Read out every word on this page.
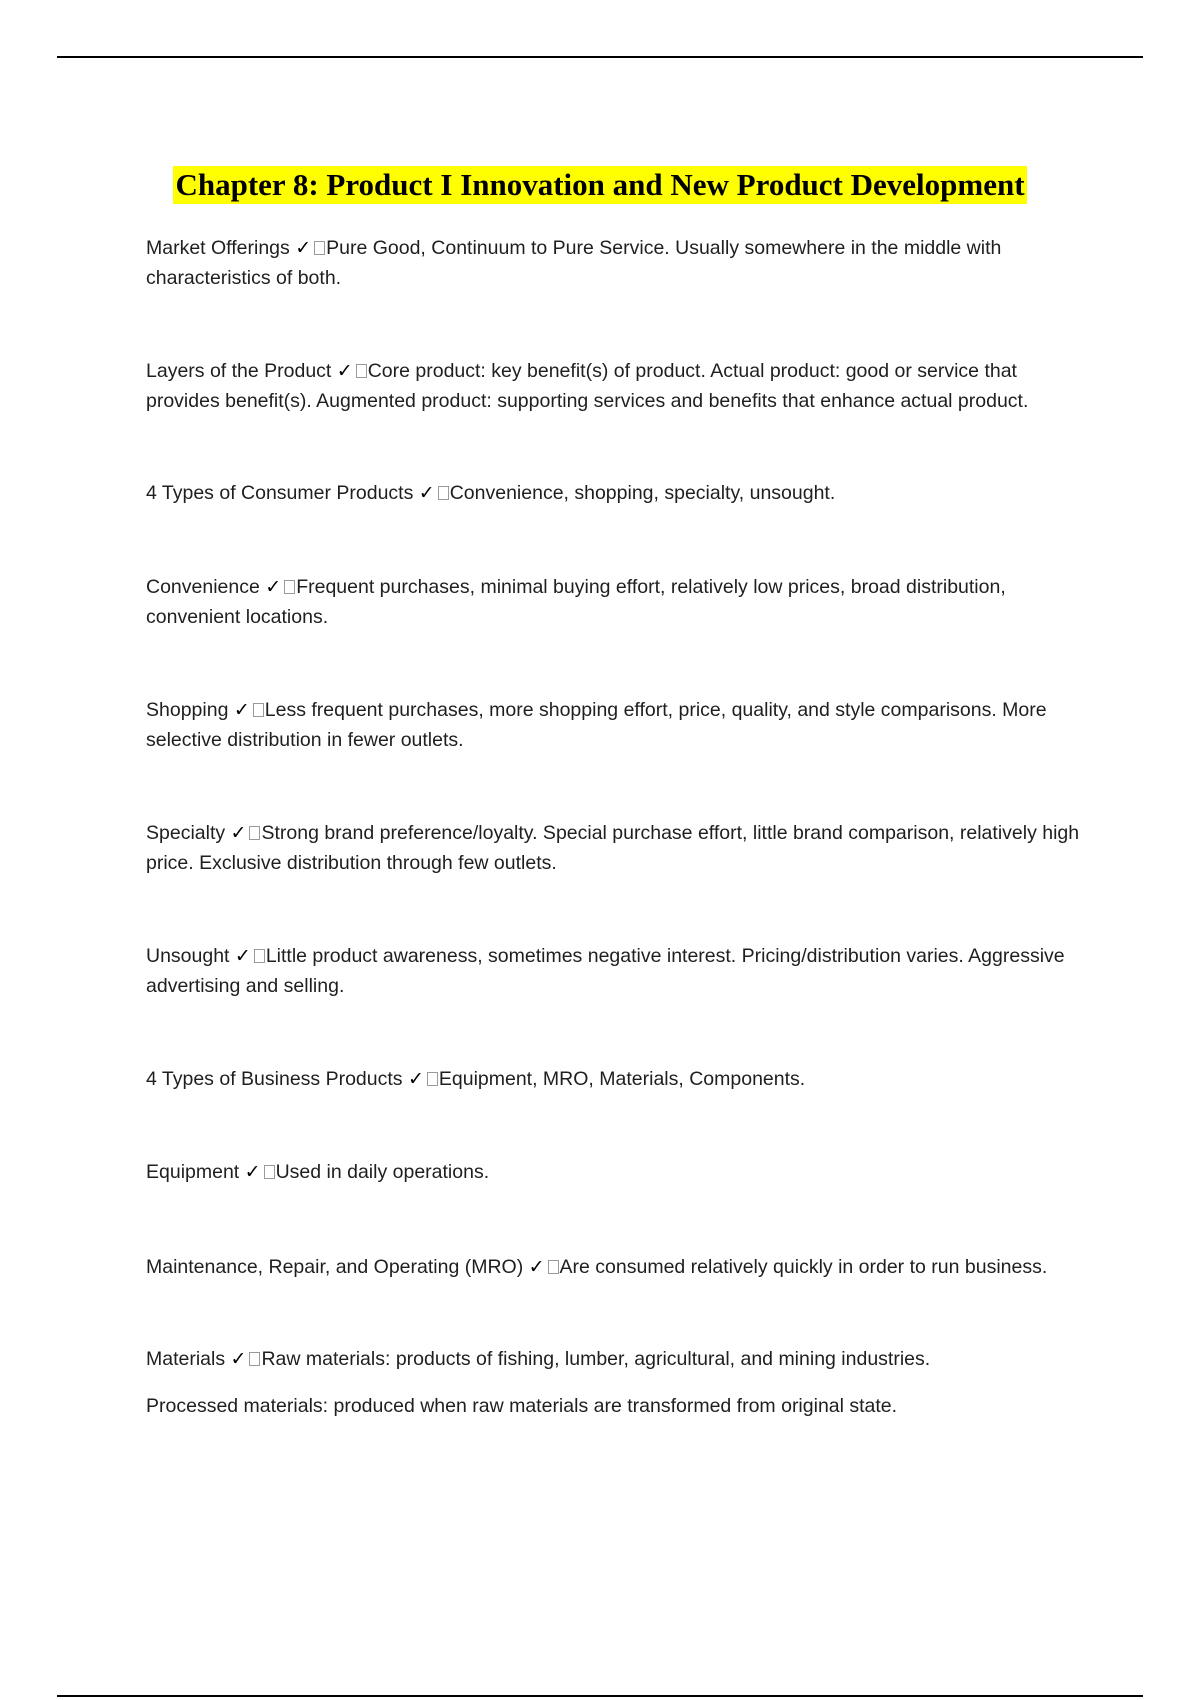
Chapter 8: Product I Innovation and New Product Development
Market Offerings ✓ Pure Good, Continuum to Pure Service. Usually somewhere in the middle with characteristics of both.
Layers of the Product ✓ Core product: key benefit(s) of product. Actual product: good or service that provides benefit(s). Augmented product: supporting services and benefits that enhance actual product.
4 Types of Consumer Products ✓ Convenience, shopping, specialty, unsought.
Convenience ✓ Frequent purchases, minimal buying effort, relatively low prices, broad distribution, convenient locations.
Shopping ✓ Less frequent purchases, more shopping effort, price, quality, and style comparisons. More selective distribution in fewer outlets.
Specialty ✓ Strong brand preference/loyalty. Special purchase effort, little brand comparison, relatively high price. Exclusive distribution through few outlets.
Unsought ✓ Little product awareness, sometimes negative interest. Pricing/distribution varies. Aggressive advertising and selling.
4 Types of Business Products ✓ Equipment, MRO, Materials, Components.
Equipment ✓ Used in daily operations.
Maintenance, Repair, and Operating (MRO) ✓ Are consumed relatively quickly in order to run business.
Materials ✓ Raw materials: products of fishing, lumber, agricultural, and mining industries.
Processed materials: produced when raw materials are transformed from original state.
